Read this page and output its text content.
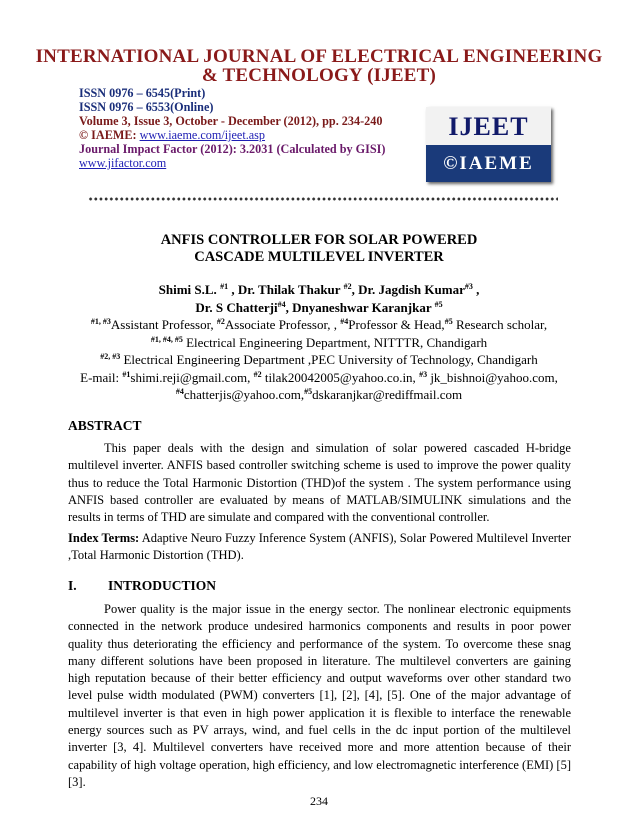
INTERNATIONAL JOURNAL OF ELECTRICAL ENGINEERING
& TECHNOLOGY (IJEET)
ISSN 0976 – 6545(Print)
ISSN 0976 – 6553(Online)
Volume 3, Issue 3, October - December (2012), pp. 234-240
© IAEME: www.iaeme.com/ijeet.asp
Journal Impact Factor (2012): 3.2031 (Calculated by GISI)
www.jifactor.com
IJEET
©IAEME
ANFIS CONTROLLER FOR SOLAR POWERED
CASCADE MULTILEVEL INVERTER
Shimi S.L. $^{\#1}$ , Dr. Thilak Thakur $^{\#2}$, Dr. Jagdish Kumar$^{\#3}$ ,
Dr. S Chatterji$^{\#4}$, Dnyaneshwar Karanjkar $^{\#5}$
$^{\#1, \#3}$Assistant Professor, $^{\#2}$Associate Professor, , $^{\#4}$Professor & Head,$^{\#5}$ Research scholar,
$^{\#1, \#4, \#5}$ Electrical Engineering Department, NITTTR, Chandigarh
$^{\#2, \#3}$ Electrical Engineering Department ,PEC University of Technology, Chandigarh
E-mail: $^{\#1}$shimi.reji@gmail.com, $^{\#2}$ tilak20042005@yahoo.co.in, $^{\#3}$ jk_bishnoi@yahoo.com,
$^{\#4}$chatterjis@yahoo.com,$^{\#5}$dskaranjkar@rediffmail.com
ABSTRACT
This paper deals with the design and simulation of solar powered cascaded H-bridge multilevel inverter. ANFIS based controller switching scheme is used to improve the power quality thus to reduce the Total Harmonic Distortion (THD)of the system . The system performance using ANFIS based controller are evaluated by means of MATLAB/SIMULINK simulations and the results in terms of THD are simulate and compared with the conventional controller.
Index Terms: Adaptive Neuro Fuzzy Inference System (ANFIS), Solar Powered Multilevel Inverter ,Total Harmonic Distortion (THD).
I. INTRODUCTION
Power quality is the major issue in the energy sector. The nonlinear electronic equipments connected in the network produce undesired harmonics components and results in poor power quality thus deteriorating the efficiency and performance of the system. To overcome these snag many different solutions have been proposed in literature. The multilevel converters are gaining high reputation because of their better efficiency and output waveforms over other standard two level pulse width modulated (PWM) converters [1], [2], [4], [5]. One of the major advantage of multilevel inverter is that even in high power application it is flexible to interface the renewable energy sources such as PV arrays, wind, and fuel cells in the dc input portion of the multilevel inverter [3, 4]. Multilevel converters have received more and more attention because of their capability of high voltage operation, high efficiency, and low electromagnetic interference (EMI) [5][3].
234
